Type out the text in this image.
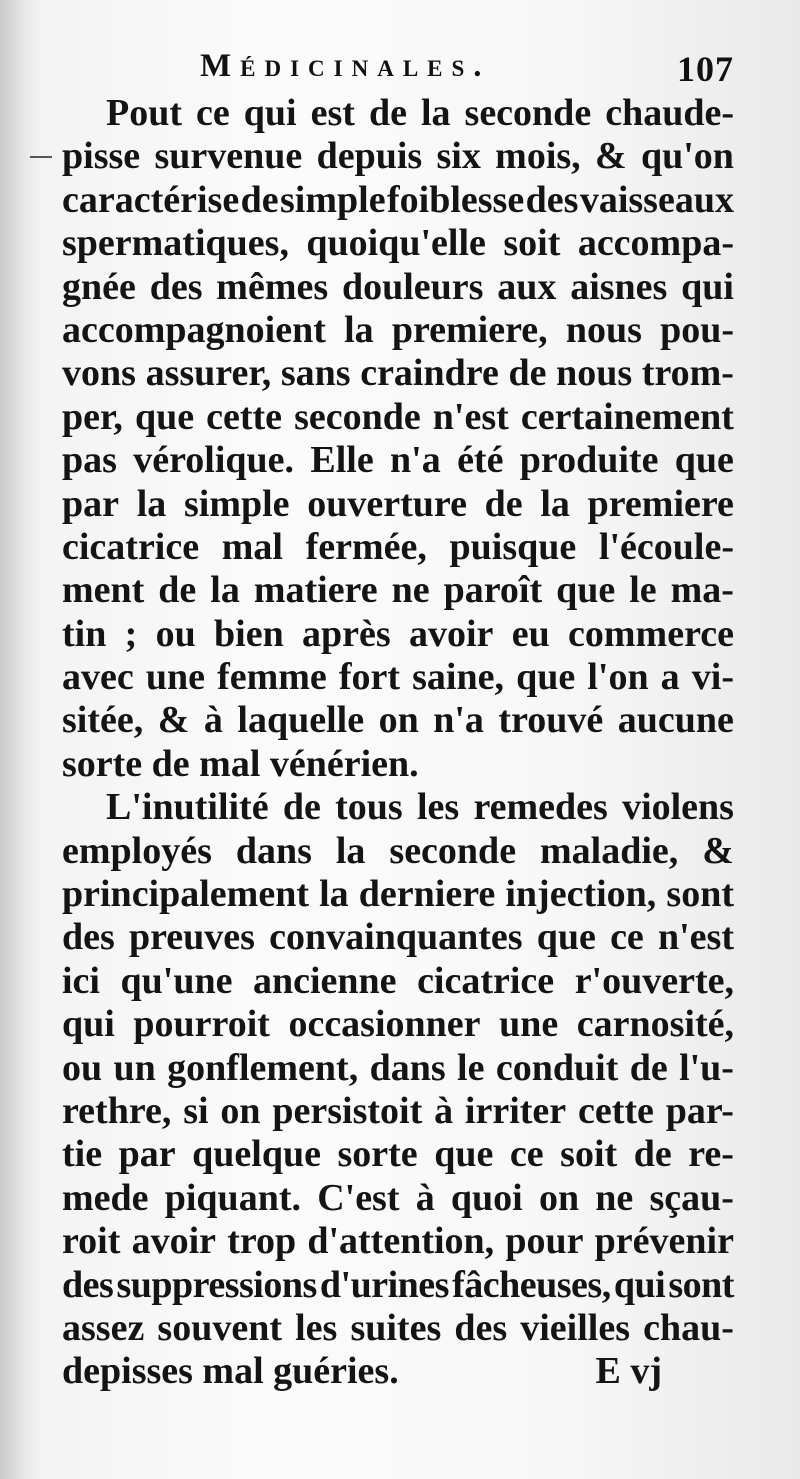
Médicinales.	107
Pout ce qui est de la seconde chaude-
pisse survenue depuis six mois, & qu'on
caractérise de simple foiblesse des vaisseaux
spermatiques, quoiqu'elle soit accompa-
gnée des mêmes douleurs aux aisnes qui
accompagnoient la premiere, nous pou-
vons assurer, sans craindre de nous trom-
per, que cette seconde n'est certainement
pas vérolique. Elle n'a été produite que
par la simple ouverture de la premiere
cicatrice mal fermée, puisque l'écoule-
ment de la matiere ne paroît que le ma-
tin ; ou bien après avoir eu commerce
avec une femme fort saine, que l'on a vi-
sitée, & à laquelle on n'a trouvé aucune
sorte de mal vénérien.
L'inutilité de tous les remedes violens
employés dans la seconde maladie, &
principalement la derniere injection, sont
des preuves convainquantes que ce n'est
ici qu'une ancienne cicatrice r'ouverte,
qui pourroit occasionner une carnosité,
ou un gonflement, dans le conduit de l'u-
rethre, si on persistoit à irriter cette par-
tie par quelque sorte que ce soit de re-
mede piquant. C'est à quoi on ne sçau-
roit avoir trop d'attention, pour prévenir
des suppressions d'urines fâcheuses, qui sont
assez souvent les suites des vieilles chau-
depisses mal guéries.	E vj
